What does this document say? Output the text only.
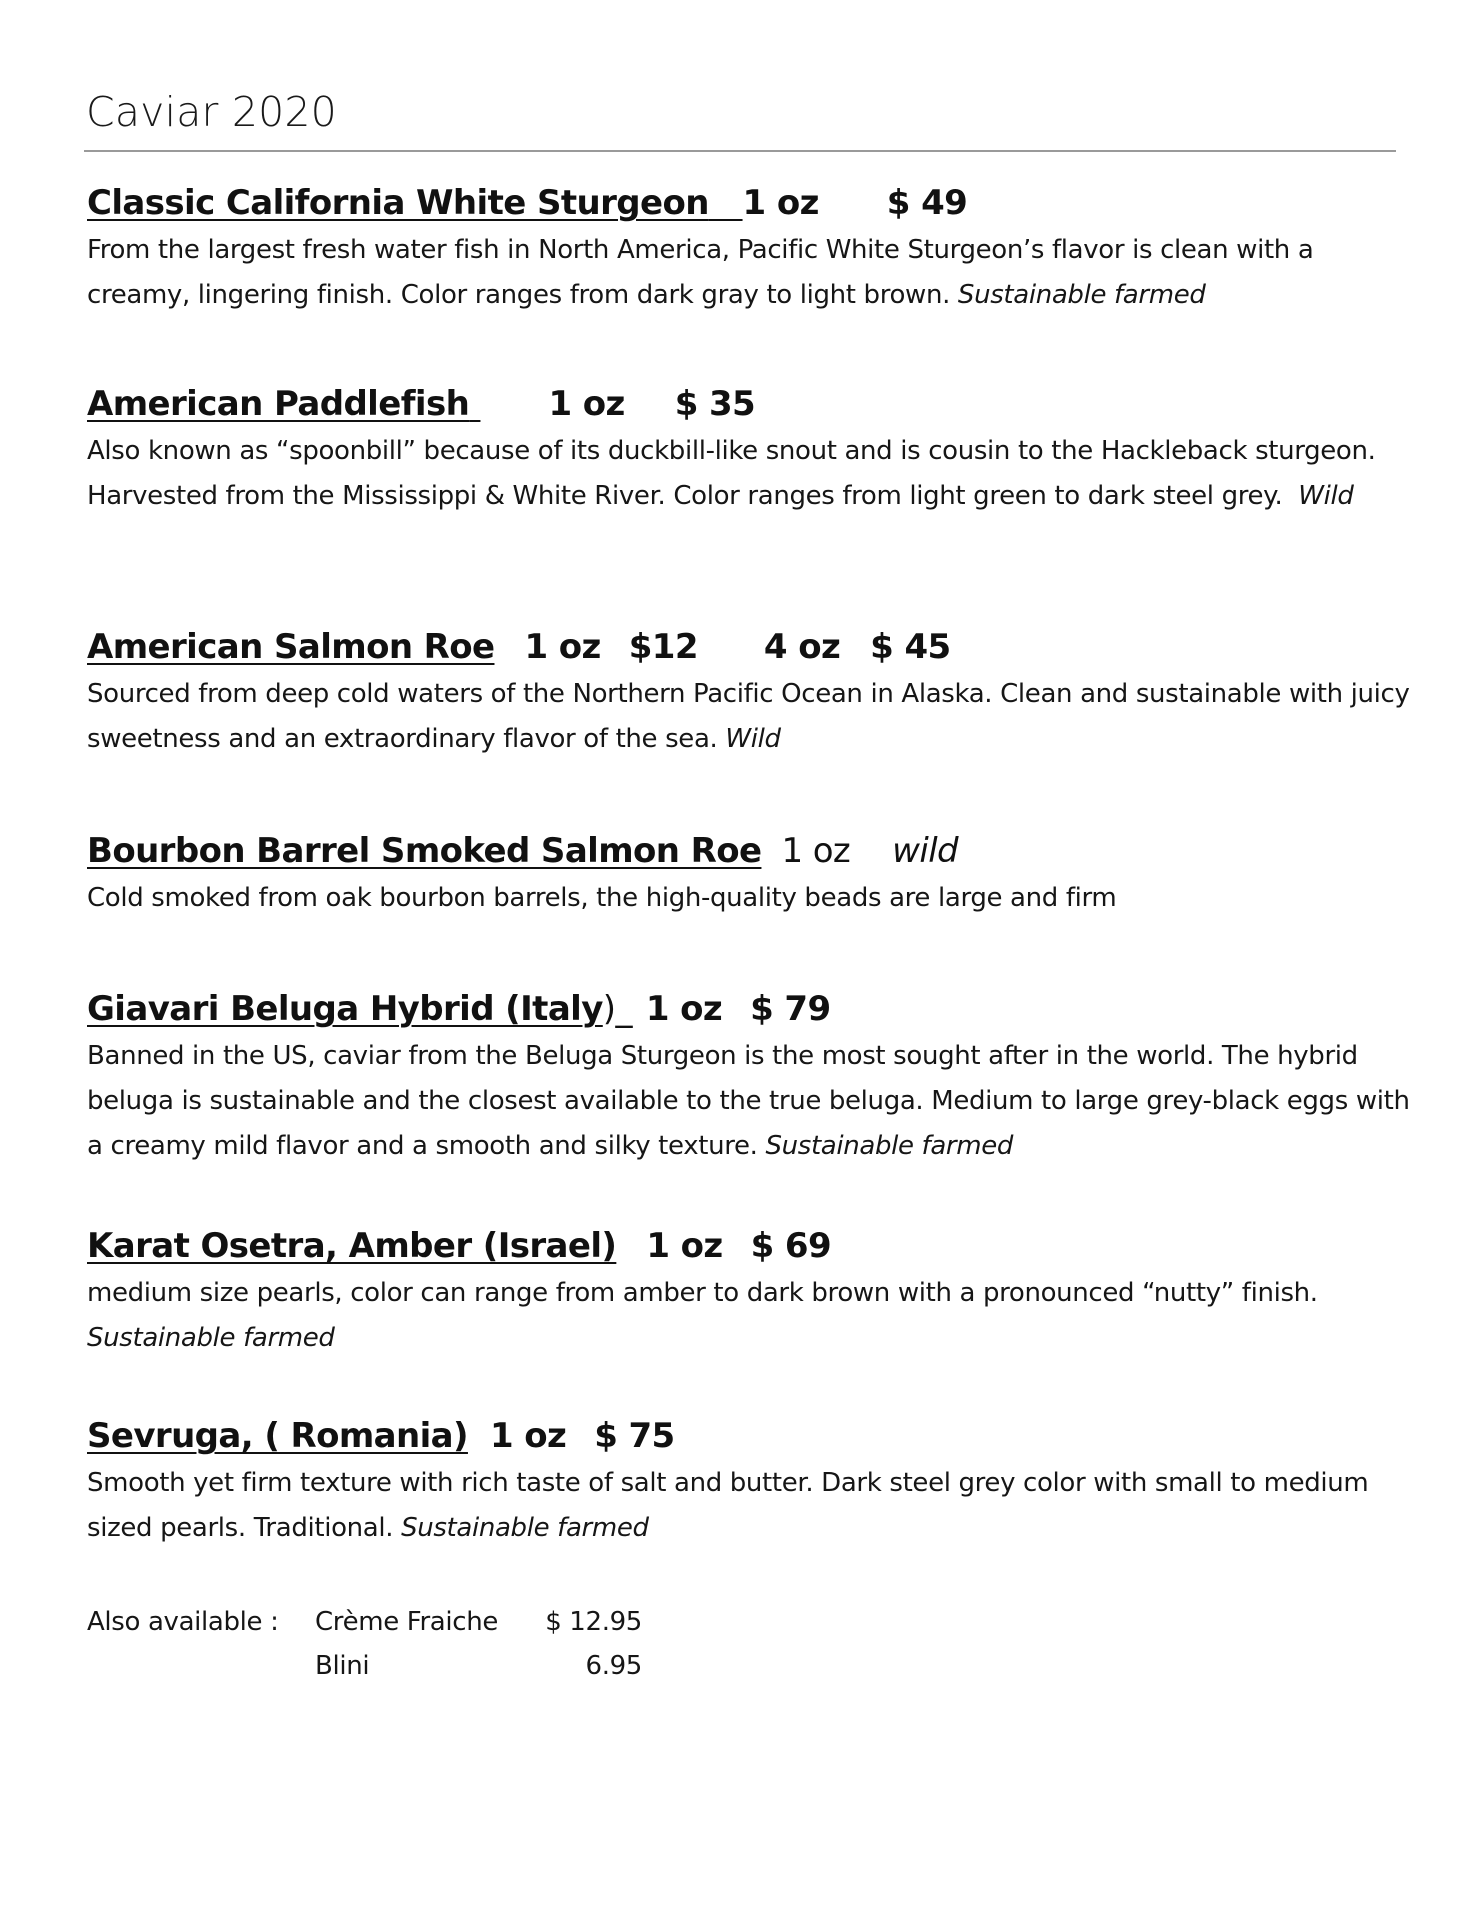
Caviar 2020
Classic California White Sturgeon 1 oz $ 49
From the largest fresh water fish in North America, Pacific White Sturgeon’s flavor is clean with a creamy, lingering finish. Color ranges from dark gray to light brown. Sustainable farmed
American Paddlefish 1 oz $ 35
Also known as “spoonbill” because of its duckbill-like snout and is cousin to the Hackleback sturgeon. Harvested from the Mississippi & White River. Color ranges from light green to dark steel grey. Wild
American Salmon Roe 1 oz $12 4 oz $ 45
Sourced from deep cold waters of the Northern Pacific Ocean in Alaska. Clean and sustainable with juicy sweetness and an extraordinary flavor of the sea. Wild
Bourbon Barrel Smoked Salmon Roe 1 oz wild
Cold smoked from oak bourbon barrels, the high-quality beads are large and firm
Giavari Beluga Hybrid (Italy)_ 1 oz $ 79
Banned in the US, caviar from the Beluga Sturgeon is the most sought after in the world. The hybrid beluga is sustainable and the closest available to the true beluga. Medium to large grey-black eggs with a creamy mild flavor and a smooth and silky texture. Sustainable farmed
Karat Osetra, Amber (Israel) 1 oz $ 69
medium size pearls, color can range from amber to dark brown with a pronounced “nutty” finish. Sustainable farmed
Sevruga, ( Romania) 1 oz $ 75
Smooth yet firm texture with rich taste of salt and butter. Dark steel grey color with small to medium sized pearls. Traditional. Sustainable farmed
Also available : Crème Fraiche	$ 12.95
Blini	6.95
